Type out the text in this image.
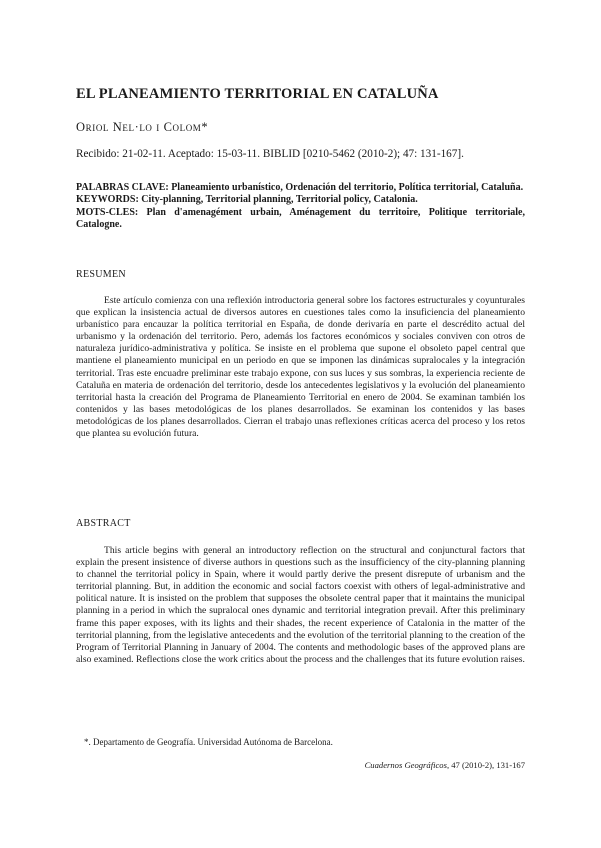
EL PLANEAMIENTO TERRITORIAL EN CATALUÑA
Oriol Nel·lo i Colom*
Recibido: 21-02-11. Aceptado: 15-03-11. BIBLID [0210-5462 (2010-2); 47: 131-167].

PALABRAS CLAVE: Planeamiento urbanístico, Ordenación del territorio, Política territorial, Cataluña.

KEYWORDS: City-planning, Territorial planning, Territorial policy, Catalonia.

MOTS-CLES: Plan d'amenagément urbain, Aménagement du territoire, Politique territoriale, Catalogne.

RESUMEN

Este artículo comienza con una reflexión introductoria general sobre los factores estructurales y coyunturales que explican la insistencia actual de diversos autores en cuestiones tales como la insuficiencia del planeamiento urbanístico para encauzar la política territorial en España, de donde derivaría en parte el descrédito actual del urbanismo y la ordenación del territorio. Pero, además los factores económicos y sociales conviven con otros de naturaleza jurídico-administrativa y política. Se insiste en el problema que supone el obsoleto papel central que mantiene el planeamiento municipal en un periodo en que se imponen las dinámicas supralocales y la integración territorial. Tras este encuadre preliminar este trabajo expone, con sus luces y sus sombras, la experiencia reciente de Cataluña en materia de ordenación del territorio, desde los antecedentes legislativos y la evolución del planeamiento territorial hasta la creación del Programa de Planeamiento Territorial en enero de 2004. Se examinan también los contenidos y las bases metodológicas de los planes desarrollados. Se examinan los contenidos y las bases metodológicas de los planes desarrollados. Cierran el trabajo unas reflexiones críticas acerca del proceso y los retos que plantea su evolución futura.

ABSTRACT

This article begins with general an introductory reflection on the structural and conjunctural factors that explain the present insistence of diverse authors in questions such as the insufficiency of the city-planning planning to channel the territorial policy in Spain, where it would partly derive the present disrepute of urbanism and the territorial planning. But, in addition the economic and social factors coexist with others of legal-administrative and political nature. It is insisted on the problem that supposes the obsolete central paper that it maintains the municipal planning in a period in which the supralocal ones dynamic and territorial integration prevail. After this preliminary frame this paper exposes, with its lights and their shades, the recent experience of Catalonia in the matter of the territorial planning, from the legislative antecedents and the evolution of the territorial planning to the creation of the Program of Territorial Planning in January of 2004. The contents and methodologic bases of the approved plans are also examined. Reflections close the work critics about the process and the challenges that its future evolution raises.

*. Departamento de Geografía. Universidad Autónoma de Barcelona.
Cuadernos Geográficos, 47 (2010-2), 131-167
